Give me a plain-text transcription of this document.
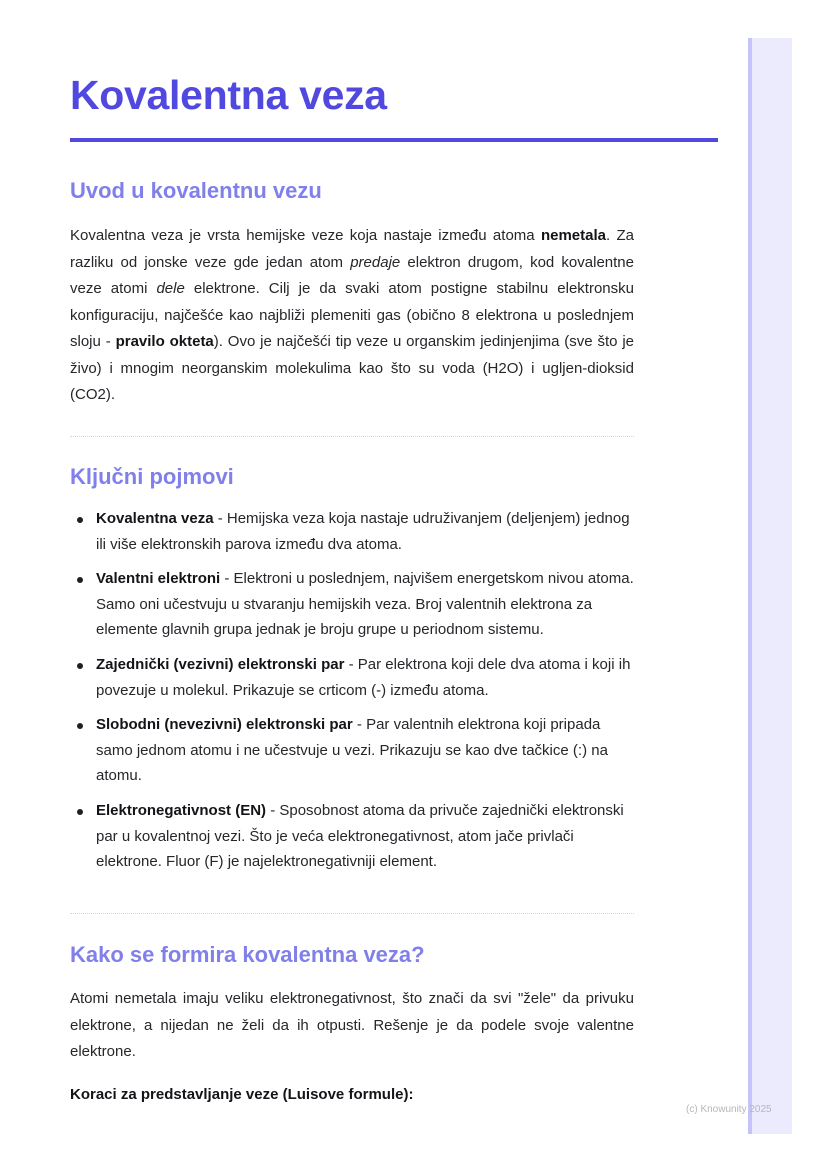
Kovalentna veza
Uvod u kovalentnu vezu

Kovalentna veza je vrsta hemijske veze koja nastaje između atoma nemetala. Za razliku od jonske veze gde jedan atom predaje elektron drugom, kod kovalentne veze atomi dele elektrone. Cilj je da svaki atom postigne stabilnu elektronsku konfiguraciju, najčešće kao najbliži plemeniti gas (obično 8 elektrona u poslednjem sloju - pravilo okteta). Ovo je najčešći tip veze u organskim jedinjenjima (sve što je živo) i mnogim neorganskim molekulima kao što su voda (H2O) i ugljen-dioksid (CO2).

Ključni pojmovi
Kovalentna veza - Hemijska veza koja nastaje udruživanjem (deljenjem) jednog ili više elektronskih parova između dva atoma.
Valentni elektroni - Elektroni u poslednjem, najvišem energetskom nivou atoma. Samo oni učestvuju u stvaranju hemijskih veza. Broj valentnih elektrona za elemente glavnih grupa jednak je broju grupe u periodnom sistemu.
Zajednički (vezivni) elektronski par - Par elektrona koji dele dva atoma i koji ih povezuje u molekul. Prikazuje se crticom (-) između atoma.
Slobodni (nevezivni) elektronski par - Par valentnih elektrona koji pripada samo jednom atomu i ne učestvuje u vezi. Prikazuju se kao dve tačkice (:) na atomu.
Elektronegativnost (EN) - Sposobnost atoma da privuče zajednički elektronski par u kovalentnoj vezi. Što je veća elektronegativnost, atom jače privlači elektrone. Fluor (F) je najelektronegativniji element.
Kako se formira kovalentna veza?

Atomi nemetala imaju veliku elektronegativnost, što znači da svi "žele" da privuku elektrone, a nijedan ne želi da ih otpusti. Rešenje je da podele svoje valentne elektrone.

Koraci za predstavljanje veze (Luisove formule):

(c) Knowunity 2025
